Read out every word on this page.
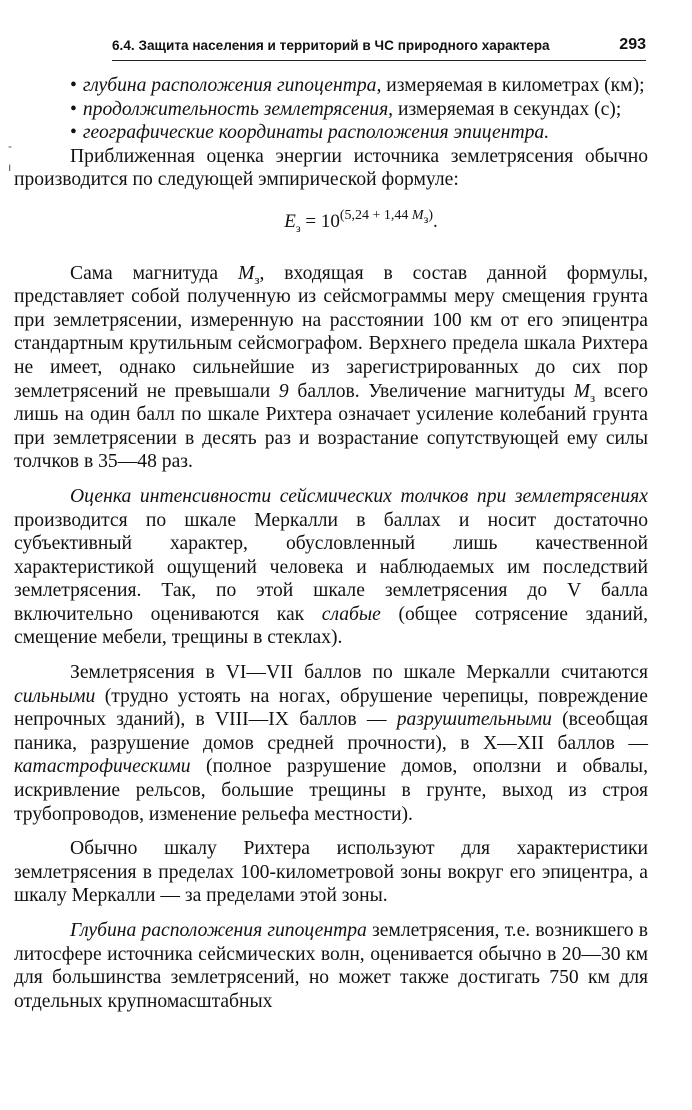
6.4. Защита населения и территорий в ЧС природного характера	293
-
ı

• глубина расположения гипоцентра, измеряемая в километрах (км);

• продолжительность землетрясения, измеряемая в секундах (с);

• географические координаты расположения эпицентра.

Приближенная оценка энергии источника землетрясения обычно производится по следующей эмпирической формуле:

$E_з = 10^{(5,24 + 1,44 M_з)}$.

Сама магнитуда $M_з$, входящая в состав данной формулы, представляет собой полученную из сейсмограммы меру смещения грунта при землетрясении, измеренную на расстоянии 100 км от его эпицентра стандартным крутильным сейсмографом. Верхнего предела шкала Рихтера не имеет, однако сильнейшие из зарегистрированных до сих пор землетрясений не превышали 9 баллов. Увеличение магнитуды $M_з$ всего лишь на один балл по шкале Рихтера означает усиление колебаний грунта при землетрясении в десять раз и возрастание сопутствующей ему силы толчков в 35—48 раз.

Оценка интенсивности сейсмических толчков при землетрясениях производится по шкале Меркалли в баллах и носит достаточно субъективный характер, обусловленный лишь качественной характеристикой ощущений человека и наблюдаемых им последствий землетрясения. Так, по этой шкале землетрясения до V балла включительно оцениваются как слабые (общее сотрясение зданий, смещение мебели, трещины в стеклах).

Землетрясения в VI—VII баллов по шкале Меркалли считаются сильными (трудно устоять на ногах, обрушение черепицы, повреждение непрочных зданий), в VIII—IX баллов — разрушительными (всеобщая паника, разрушение домов средней прочности), в X—XII баллов — катастрофическими (полное разрушение домов, оползни и обвалы, искривление рельсов, большие трещины в грунте, выход из строя трубопроводов, изменение рельефа местности).

Обычно шкалу Рихтера используют для характеристики землетрясения в пределах 100-километровой зоны вокруг его эпицентра, а шкалу Меркалли — за пределами этой зоны.

Глубина расположения гипоцентра землетрясения, т.е. возникшего в литосфере источника сейсмических волн, оценивается обычно в 20—30 км для большинства землетрясений, но может также достигать 750 км для отдельных крупномасштабных
